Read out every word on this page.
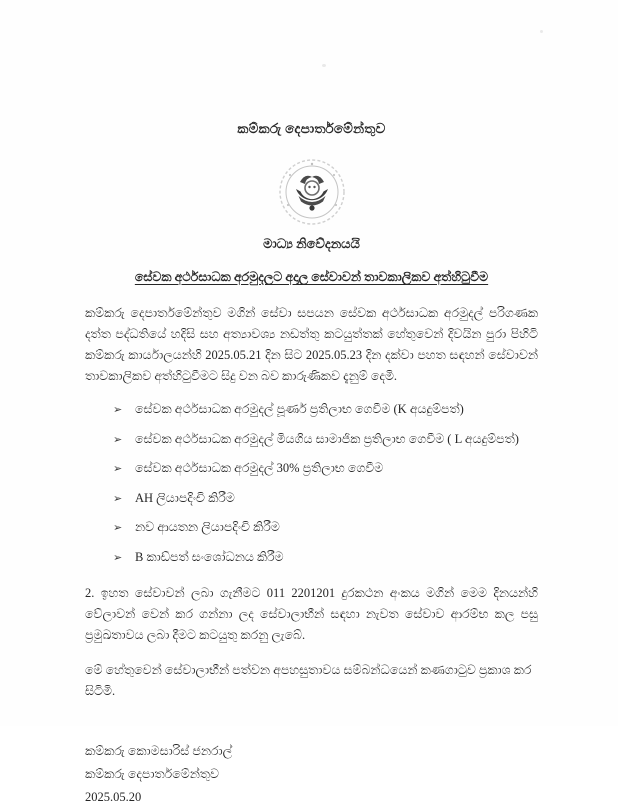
කම්කරු දෙපාර්තමේන්තුව
මාධ්‍ය නිවේදනයයි
සේවක අර්ථසාධක අරමුදලට අදාල සේවාවන් තාවකාලිකව අත්හිටුවීම
කම්කරු දෙපාර්තමේන්තුව මගින් සේවා සපයන සේවක අර්ථසාධක අරමුදල් පරිගණක දත්ත පද්ධතියේ හදිසි සහ අත්‍යාවශ්‍ය නඩත්තු කටයුත්තක් හේතුවෙන් දිවයින පුරා පිහිටි කම්කරු කාර්යාලයන්හි 2025.05.21 දින සිට 2025.05.23 දින දක්වා පහත සඳහන් සේවාවන් තාවකාලිකව අත්හිටුවීමට සිදු වන බව කාරුණිකව දැනුම් දෙමි.
➢	සේවක අර්ථසාධක අරමුදල් පූර්ණ ප්‍රතිලාභ ගෙවීම (K අයදුම්පත්)
➢	සේවක අර්ථසාධක අරමුදල් මියගිය සාමාජික ප්‍රතිලාභ ගෙවීම ( L අයදුම්පත්)
➢	සේවක අර්ථසාධක අරමුදල් 30% ප්‍රතිලාභ ගෙවීම
➢	AH ලියාපදිංචි කිරීම
➢	නව ආයතන ලියාපදිංචි කිරීම
➢	B කාඩ්පත් සංශෝධනය කිරීම
2. ඉහත සේවාවන් ලබා ගැනීමට 011 2201201 දුරකථන අංකය මගින් මෙම දිනයන්හි වේලාවන් වෙන් කර ගන්නා ලද සේවාලාභීන් සඳහා නැවත සේවාව ආරම්භ කල පසු ප්‍රමුඛතාවය ලබා දීමට කටයුතු කරනු ලැබේ.
මේ හේතුවෙන් සේවාලාභීන් පත්වන අපහසුතාවය සම්බන්ධයෙන් කණගාටුව ප්‍රකාශ කර සිටිමි.
කම්කරු කොමසාරිස් ජනරාල්
කම්කරු දෙපාර්තමේන්තුව
2025.05.20
